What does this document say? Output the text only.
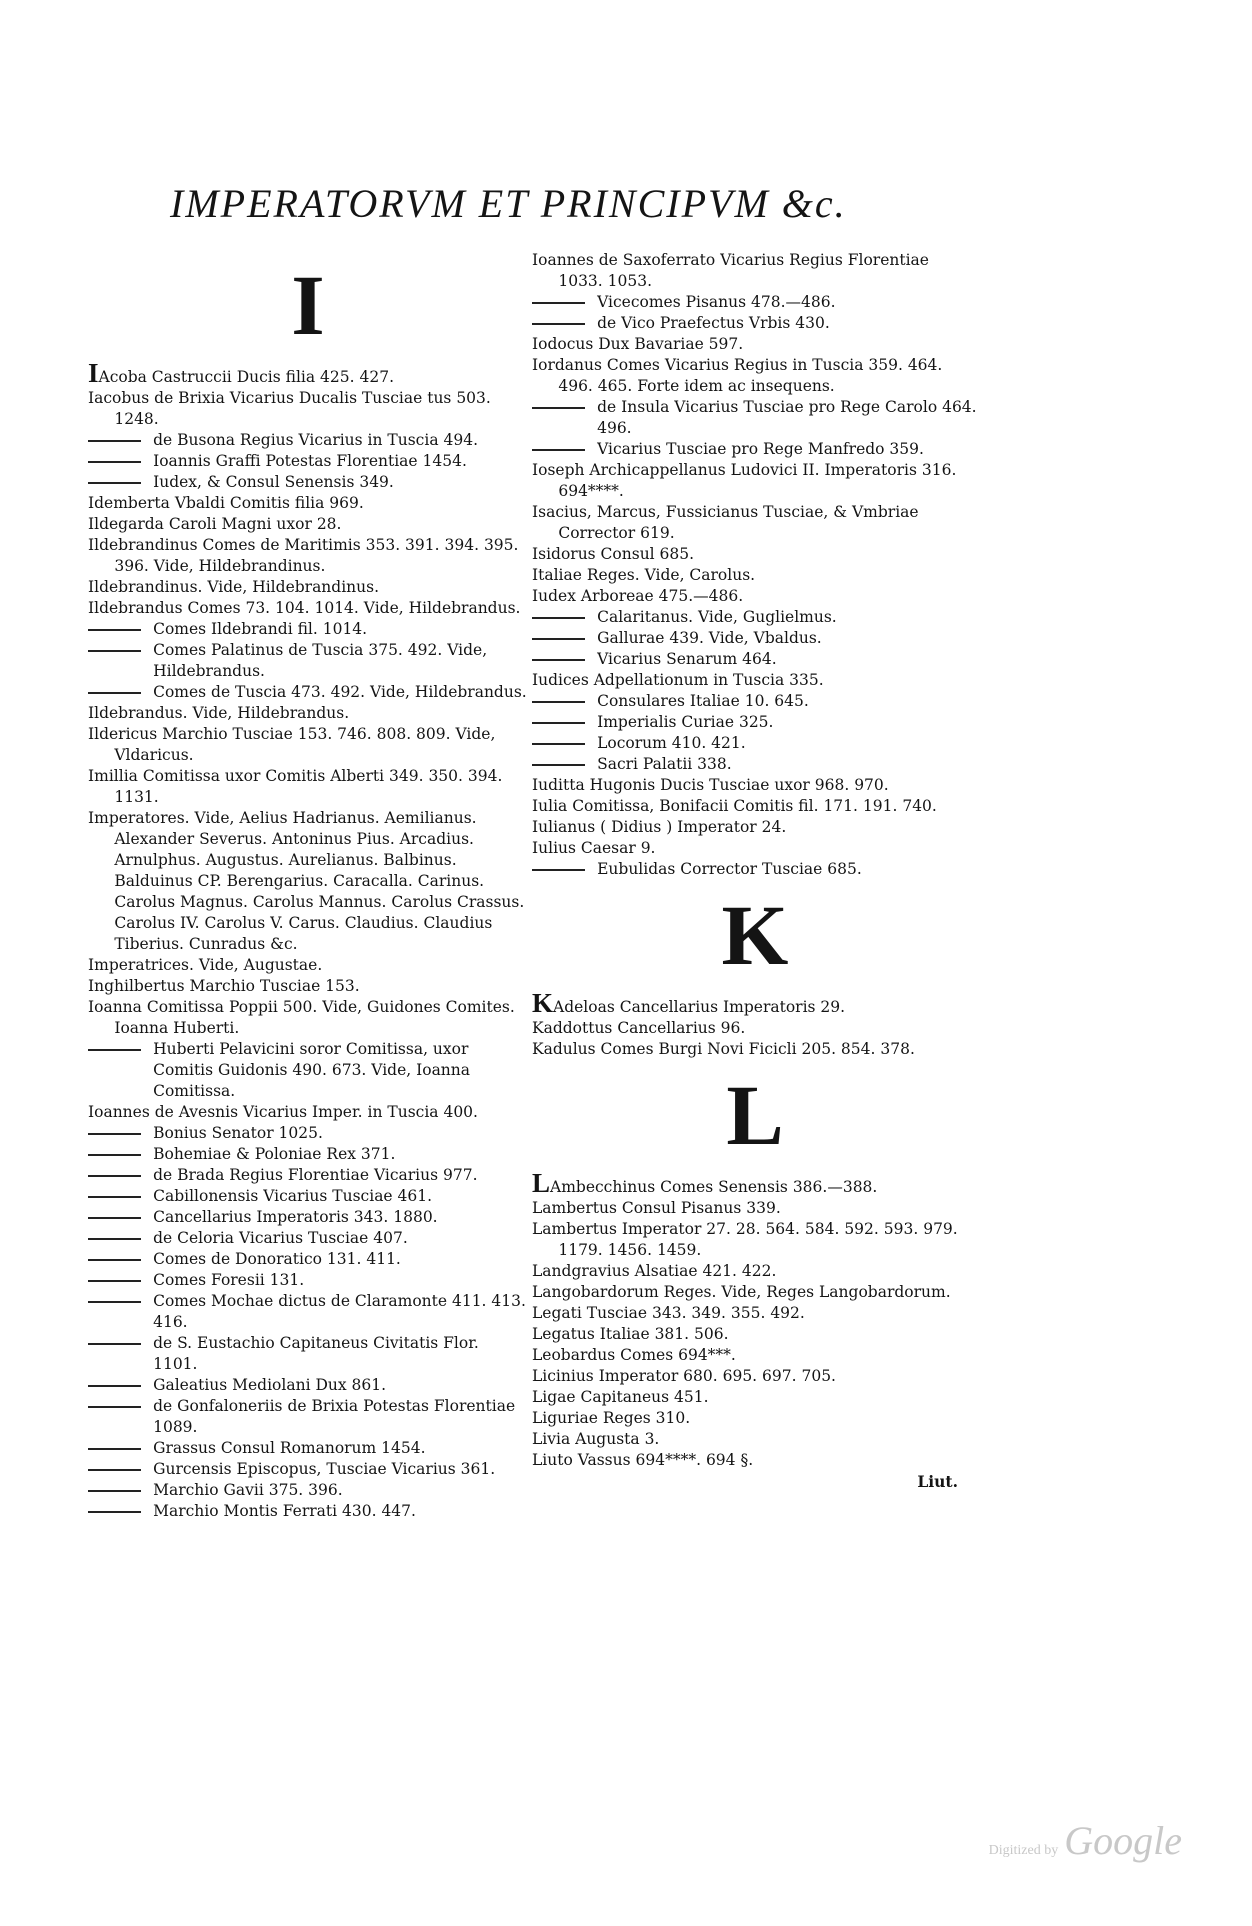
IMPERATORVM ET PRINCIPVM &c.
I
IAcoba Castruccii Ducis filia 425. 427.
Iacobus de Brixia Vicarius Ducalis Tusciae tus 503. 1248.
de Busona Regius Vicarius in Tuscia 494.
Ioannis Graffi Potestas Florentiae 1454.
Iudex, & Consul Senensis 349.
Idemberta Vbaldi Comitis filia 969.
Ildegarda Caroli Magni uxor 28.
Ildebrandinus Comes de Maritimis 353. 391. 394. 395. 396. Vide, Hildebrandinus.
Ildebrandinus. Vide, Hildebrandinus.
Ildebrandus Comes 73. 104. 1014. Vide, Hildebrandus.
Comes Ildebrandi fil. 1014.
Comes Palatinus de Tuscia 375. 492. Vide, Hildebrandus.
Comes de Tuscia 473. 492. Vide, Hildebrandus.
Ildebrandus. Vide, Hildebrandus.
Ildericus Marchio Tusciae 153. 746. 808. 809. Vide, Vldaricus.
Imillia Comitissa uxor Comitis Alberti 349. 350. 394. 1131.
Imperatores. Vide, Aelius Hadrianus. Aemilianus. Alexander Severus. Antoninus Pius. Arcadius. Arnulphus. Augustus. Aurelianus. Balbinus. Balduinus CP. Berengarius. Caracalla. Carinus. Carolus Magnus. Carolus Mannus. Carolus Crassus. Carolus IV. Carolus V. Carus. Claudius. Claudius Tiberius. Cunradus &c.
Imperatrices. Vide, Augustae.
Inghilbertus Marchio Tusciae 153.
Ioanna Comitissa Poppii 500. Vide, Guidones Comites. Ioanna Huberti.
Huberti Pelavicini soror Comitissa, uxor Comitis Guidonis 490. 673. Vide, Ioanna Comitissa.
Ioannes de Avesnis Vicarius Imper. in Tuscia 400.
Bonius Senator 1025.
Bohemiae & Poloniae Rex 371.
de Brada Regius Florentiae Vicarius 977.
Cabillonensis Vicarius Tusciae 461.
Cancellarius Imperatoris 343. 1880.
de Celoria Vicarius Tusciae 407.
Comes de Donoratico 131. 411.
Comes Foresii 131.
Comes Mochae dictus de Claramonte 411. 413. 416.
de S. Eustachio Capitaneus Civitatis Flor. 1101.
Galeatius Mediolani Dux 861.
de Gonfaloneriis de Brixia Potestas Florentiae 1089.
Grassus Consul Romanorum 1454.
Gurcensis Episcopus, Tusciae Vicarius 361.
Marchio Gavii 375. 396.
Marchio Montis Ferrati 430. 447.
Ioannes de Saxoferrato Vicarius Regius Florentiae 1033. 1053.
Vicecomes Pisanus 478.—486.
de Vico Praefectus Vrbis 430.
Iodocus Dux Bavariae 597.
Iordanus Comes Vicarius Regius in Tuscia 359. 464. 496. 465. Forte idem ac insequens.
de Insula Vicarius Tusciae pro Rege Carolo 464. 496.
Vicarius Tusciae pro Rege Manfredo 359.
Ioseph Archicappellanus Ludovici II. Imperatoris 316. 694****.
Isacius, Marcus, Fussicianus Tusciae, & Vmbriae Corrector 619.
Isidorus Consul 685.
Italiae Reges. Vide, Carolus.
Iudex Arboreae 475.—486.
Calaritanus. Vide, Guglielmus.
Gallurae 439. Vide, Vbaldus.
Vicarius Senarum 464.
Iudices Adpellationum in Tuscia 335.
Consulares Italiae 10. 645.
Imperialis Curiae 325.
Locorum 410. 421.
Sacri Palatii 338.
Iuditta Hugonis Ducis Tusciae uxor 968. 970.
Iulia Comitissa, Bonifacii Comitis fil. 171. 191. 740.
Iulianus ( Didius ) Imperator 24.
Iulius Caesar 9.
Eubulidas Corrector Tusciae 685.
K
KAdeloas Cancellarius Imperatoris 29.
Kaddottus Cancellarius 96.
Kadulus Comes Burgi Novi Ficicli 205. 854. 378.
L
LAmbecchinus Comes Senensis 386.—388.
Lambertus Consul Pisanus 339.
Lambertus Imperator 27. 28. 564. 584. 592. 593. 979. 1179. 1456. 1459.
Landgravius Alsatiae 421. 422.
Langobardorum Reges. Vide, Reges Langobardorum.
Legati Tusciae 343. 349. 355. 492.
Legatus Italiae 381. 506.
Leobardus Comes 694***.
Licinius Imperator 680. 695. 697. 705.
Ligae Capitaneus 451.
Liguriae Reges 310.
Livia Augusta 3.
Liuto Vassus 694****. 694 §.
Liut.
Digitized by Google
